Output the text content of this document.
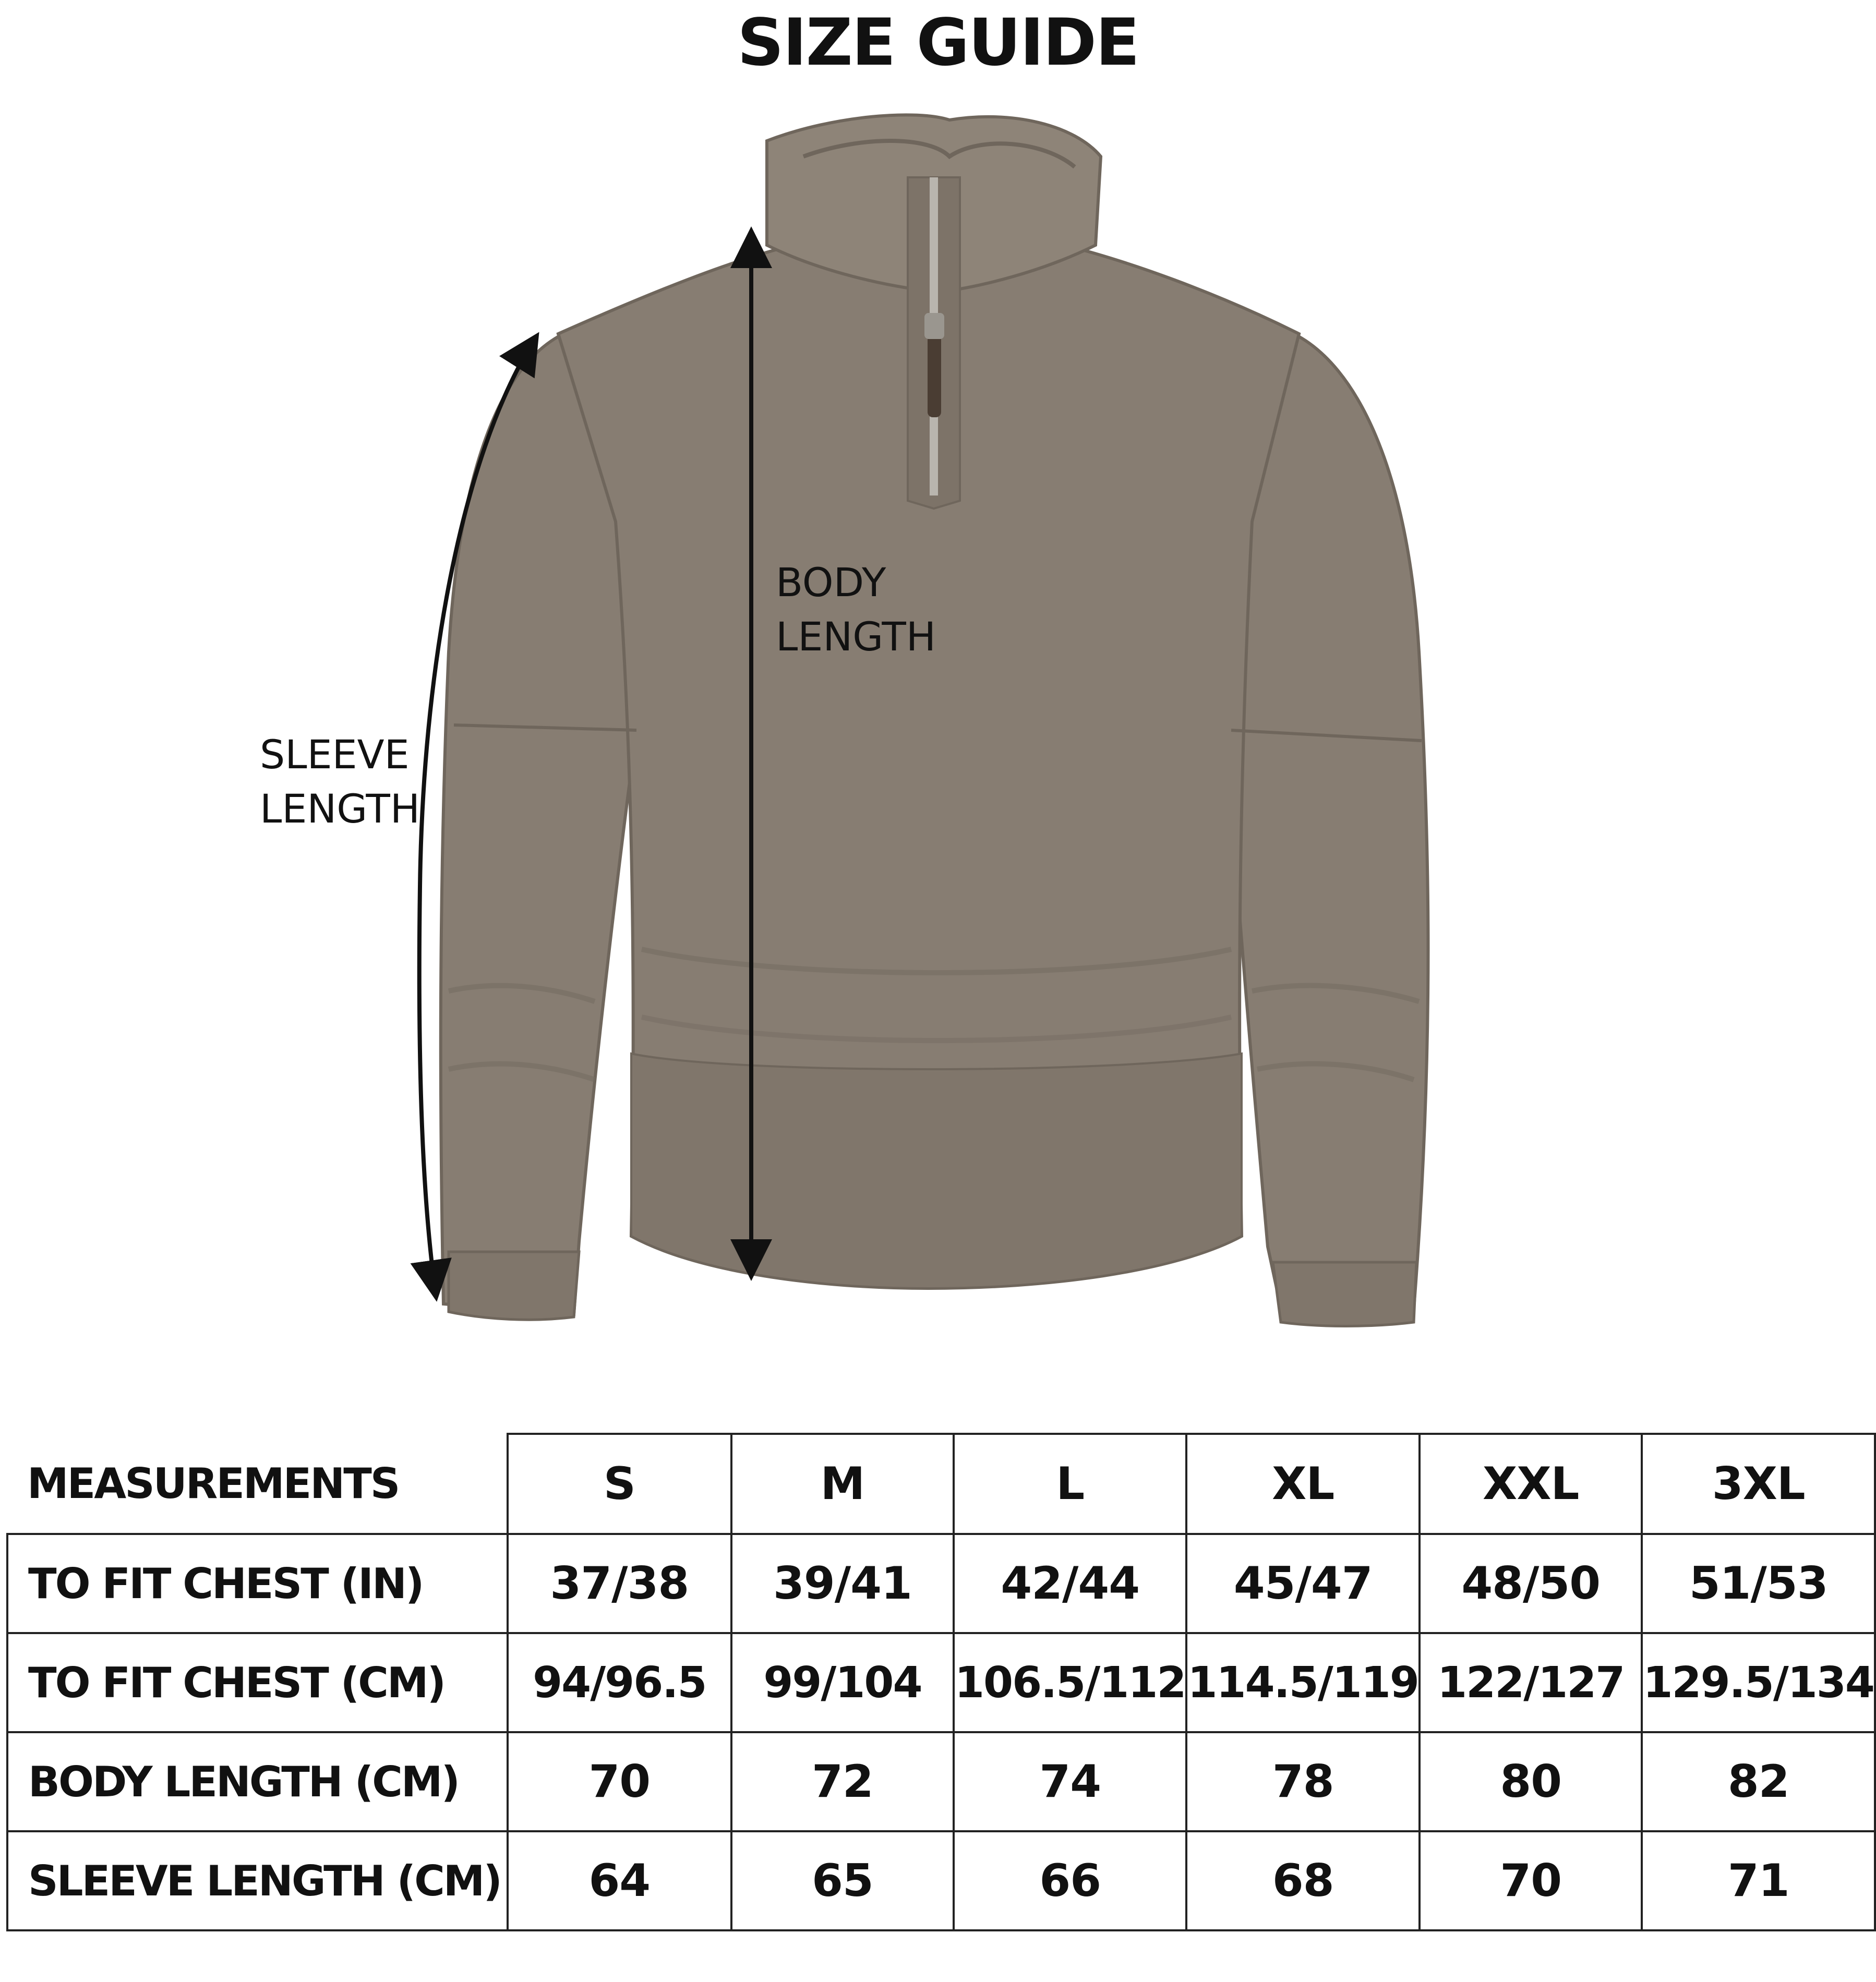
SIZE GUIDE
BODY
LENGTH
SLEEVE
LENGTH
MEASUREMENTS	S	M	L	XL	XXL	3XL
TO FIT CHEST (IN)	37/38	39/41	42/44	45/47	48/50	51/53
TO FIT CHEST (CM)	94/96.5	99/104	106.5/112	114.5/119	122/127	129.5/134
BODY LENGTH (CM)	70	72	74	78	80	82
SLEEVE LENGTH (CM)	64	65	66	68	70	71
